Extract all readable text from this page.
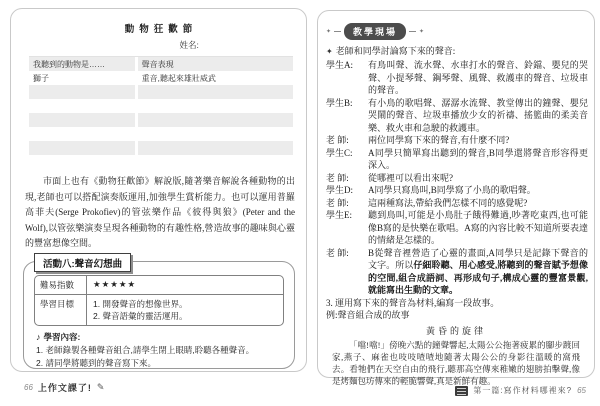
動物狂歡節
姓名:
我聽到的動物是……	聲音表現
獅子	重音,聽起來雄壯威武
市面上也有《動物狂歡節》解說版,隨著樂音解說各種動物的出現,老師也可以搭配演奏版運用,加強學生賞析能力。也可以運用普羅高菲夫(Serge Prokofiev)的管弦樂作品《彼得與狼》(Peter and the Wolf),以管弦樂演奏呈現各種動物的有趣性格,營造故事的趣味與心靈的豐富想像空間。
活動八:聲音幻想曲
難易指數	★★★★★
學習目標	1. 開發聲音的想像世界。
2. 聲音語彙的靈活運用。
♪ 學習內容:
1. 老師錄製各種聲音組合,請學生閉上眼睛,聆聽各種聲音。
2. 請同學將聽到的聲音寫下來。
66 上作文課了! ✎
✦	教學現場	✦
✦ 老師和同學討論寫下來的聲音:
學生A:	有鳥叫聲、流水聲、水車打水的聲音、鈴鐺、嬰兒的哭聲、小提琴聲、鋼琴聲、風聲、救護車的聲音、垃圾車的聲音。
學生B:	有小鳥的歌唱聲、潺潺水流聲、教堂傳出的鐘聲、嬰兒哭鬧的聲音、垃圾車播放少女的祈禱、搖籃曲的柔美音樂、救火車和急駛的救護車。
老 師:	兩位同學寫下來的聲音,有什麼不同?
學生C:	A同學只簡單寫出聽到的聲音,B同學還將聲音形容得更深入。
老 師:	從哪裡可以看出來呢?
學生D:	A同學只寫鳥叫,B同學寫了小鳥的歌唱聲。
老 師:	這兩種寫法,帶給我們怎樣不同的感覺呢?
學生E:	聽到鳥叫,可能是小鳥肚子餓得難過,吵著吃東西,也可能像B寫的是快樂在歌唱。A寫的內容比較不知道所要表達的情緒是怎樣的。
老 師:	B從聲音裡營造了心靈的畫面,A同學只是記錄下聲音的文字。所以仔細聆聽、用心感受,將聽到的聲音賦予想像的空間,組合成語詞、再形成句子,構成心靈的豐富景觀,就能寫出生動的文章。
3. 運用寫下來的聲音為材料,編寫一段故事。
例:聲音組合成的故事
黃昏的旋律
「噹!噹!」傍晚六點的鐘聲響起,太陽公公拖著疲累的腳步踱回家,燕子、麻雀也吱吱喳喳地隨著太陽公公的身影往溫暖的窩飛去。看牠們在天空自由的飛行,聽那高空傳來稚嫩的翅膀拍擊聲,像是烤麵包坊傳來的輕脆響聲,真是新鮮有趣。
第一篇:寫作材料哪裡來? 65
